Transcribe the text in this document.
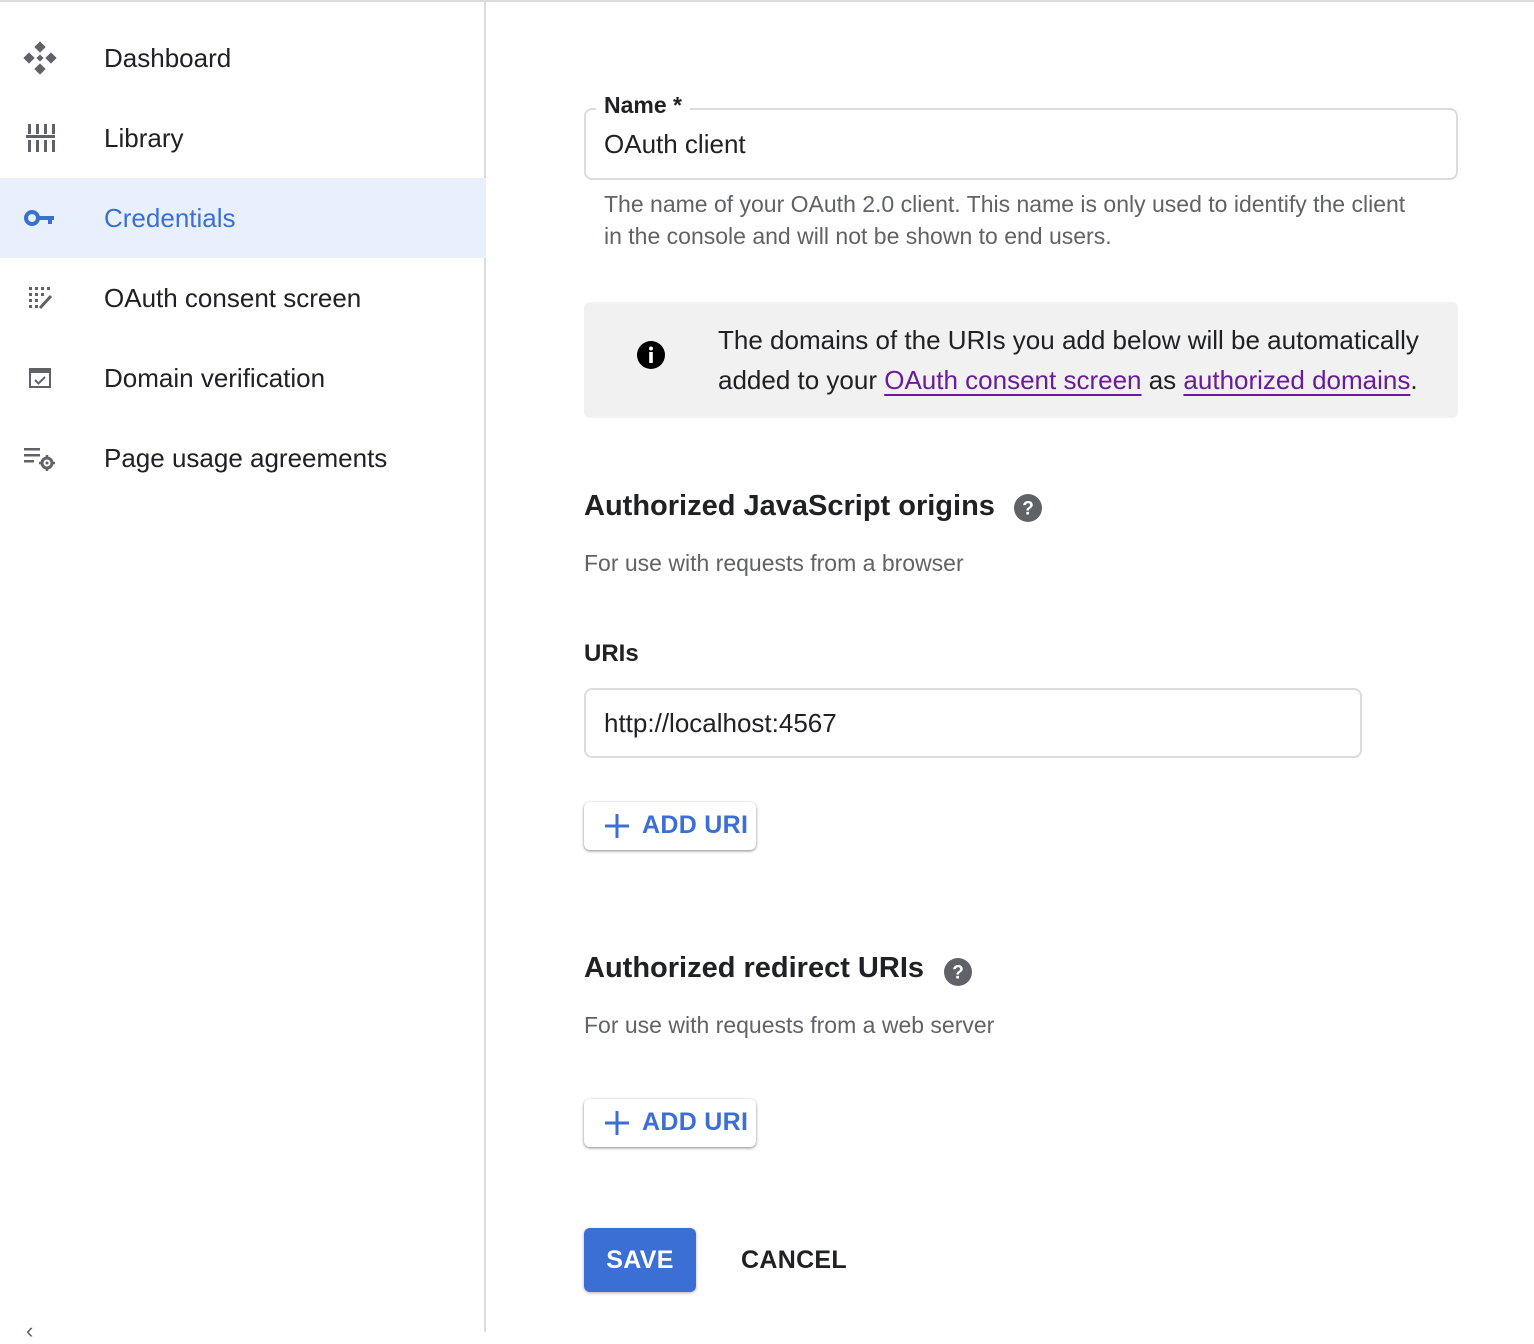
Dashboard
Library
Credentials
OAuth consent screen
Domain verification
Page usage agreements
‹
Name *
OAuth client
The name of your OAuth 2.0 client. This name is only used to identify the client in the console and will not be shown to end users.
The domains of the URIs you add below will be automatically added to your OAuth consent screen as authorized domains.
Authorized JavaScript origins ?
For use with requests from a browser
URIs
http://localhost:4567
ADD URI
Authorized redirect URIs ?
For use with requests from a web server
ADD URI
SAVE	CANCEL
